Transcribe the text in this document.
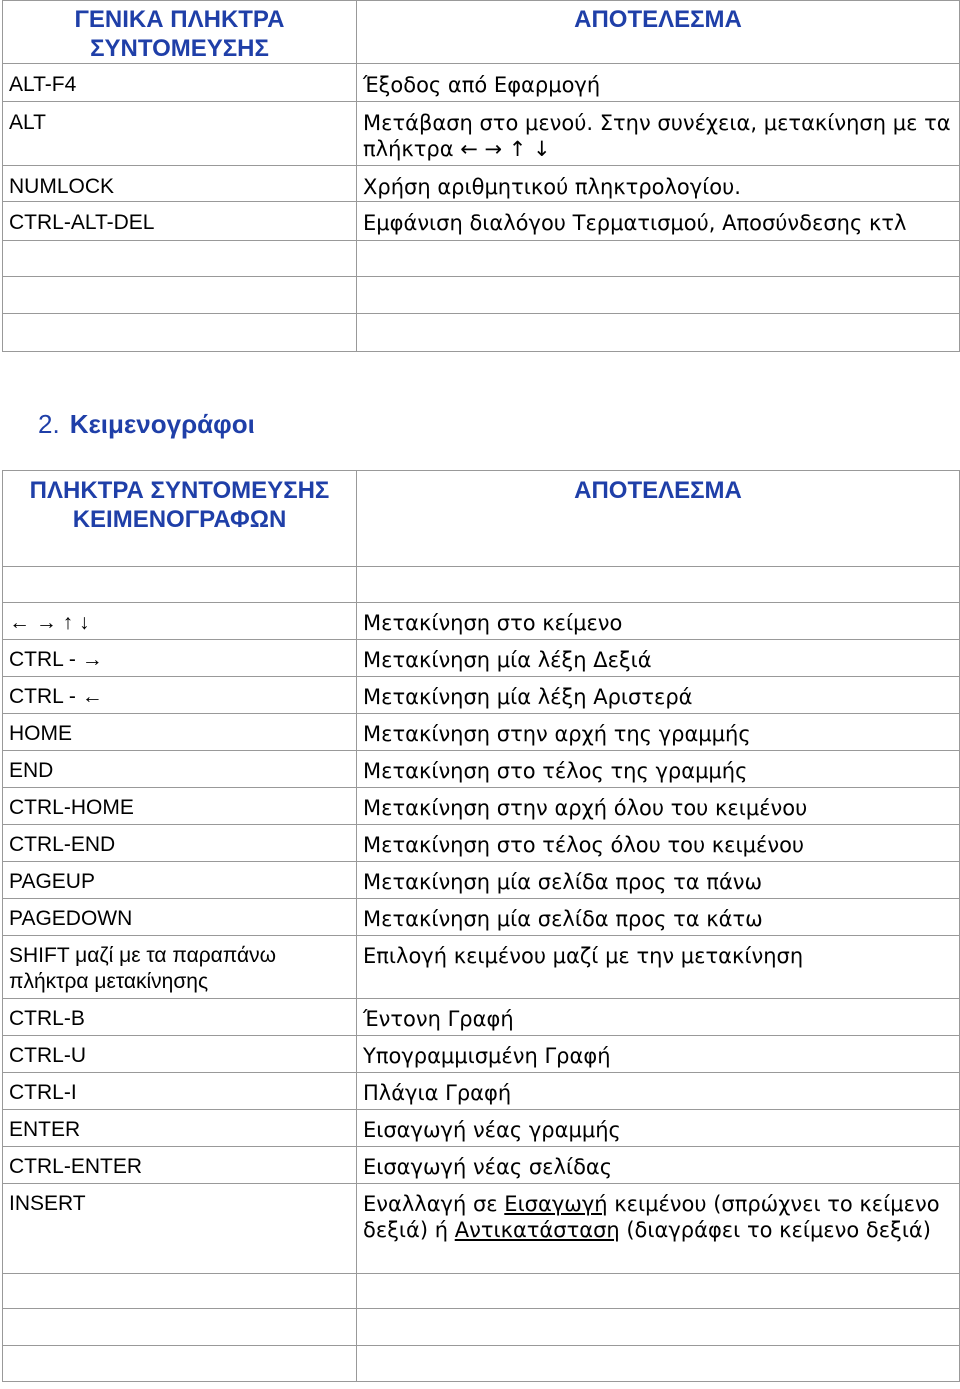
ΓΕΝΙΚΑ ΠΛΗΚΤΡΑ ΣΥΝΤΟΜΕΥΣΗΣ	ΑΠΟΤΕΛΕΣΜΑ
ALT-F4	Έξοδος από Εφαρμογή
ALT	Μετάβαση στο μενού. Στην συνέχεια, μετακίνηση με τα πλήκτρα ← → ↑ ↓
NUMLOCK	Χρήση αριθμητικού πληκτρολογίου.
CTRL-ALT-DEL	Εμφάνιση διαλόγου Τερματισμού, Αποσύνδεσης κτλ

2. Κειμενογράφοι
ΠΛΗΚΤΡΑ ΣΥΝΤΟΜΕΥΣΗΣ ΚΕΙΜΕΝΟΓΡΑΦΩΝ	ΑΠΟΤΕΛΕΣΜΑ

← → ↑ ↓	Μετακίνηση στο κείμενο
CTRL - →	Μετακίνηση μία λέξη Δεξιά
CTRL - ←	Μετακίνηση μία λέξη Αριστερά
HOME	Μετακίνηση στην αρχή της γραμμής
END	Μετακίνηση στο τέλος της γραμμής
CTRL-HOME	Μετακίνηση στην αρχή όλου του κειμένου
CTRL-END	Μετακίνηση στο τέλος όλου του κειμένου
PAGEUP	Μετακίνηση μία σελίδα προς τα πάνω
PAGEDOWN	Μετακίνηση μία σελίδα προς τα κάτω
SHIFT μαζί με τα παραπάνω πλήκτρα μετακίνησης	Επιλογή κειμένου μαζί με την μετακίνηση
CTRL-B	Έντονη Γραφή
CTRL-U	Υπογραμμισμένη Γραφή
CTRL-I	Πλάγια Γραφή
ENTER	Εισαγωγή νέας γραμμής
CTRL-ENTER	Εισαγωγή νέας σελίδας
INSERT	Εναλλαγή σε Εισαγωγή κειμένου (σπρώχνει το κείμενο δεξιά) ή Αντικατάσταση (διαγράφει το κείμενο δεξιά)
